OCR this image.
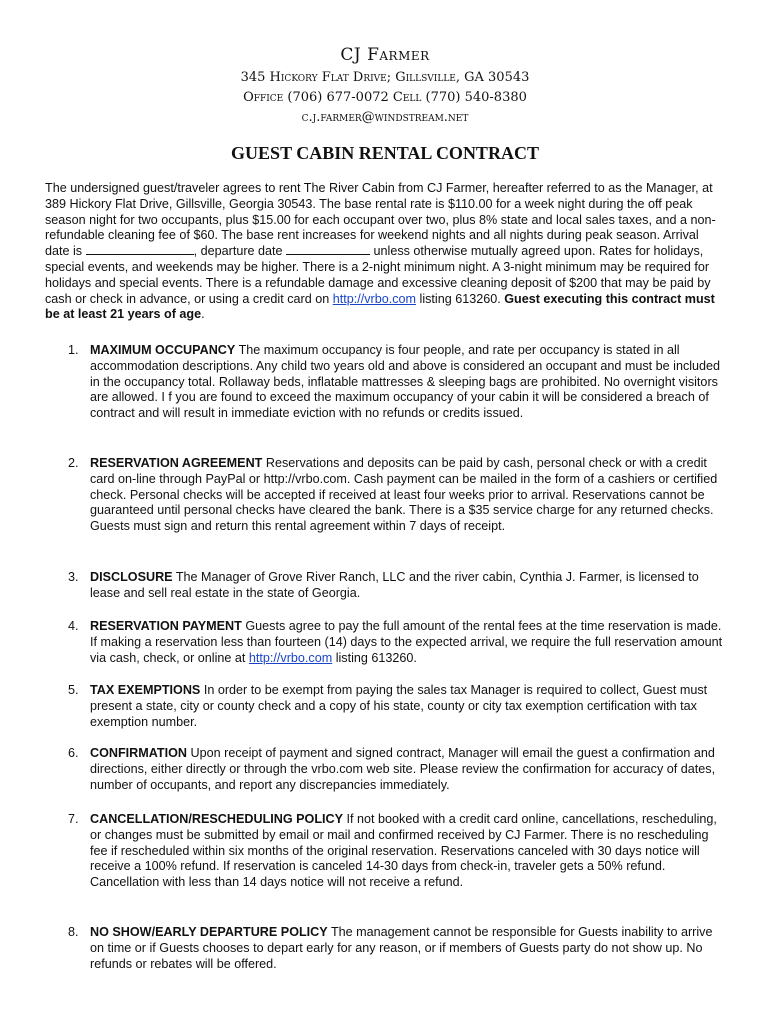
CJ Farmer
345 Hickory Flat Drive; Gillsville, GA 30543
Office (706) 677-0072 Cell (770) 540-8380
c.j.farmer@windstream.net
GUEST CABIN RENTAL CONTRACT
The undersigned guest/traveler agrees to rent The River Cabin from CJ Farmer, hereafter referred to as the Manager, at 389 Hickory Flat Drive, Gillsville, Georgia 30543. The base rental rate is $110.00 for a week night during the off peak season night for two occupants, plus $15.00 for each occupant over two, plus 8% state and local sales taxes, and a non-refundable cleaning fee of $60. The base rent increases for weekend nights and all nights during peak season. Arrival date is	, departure date	unless otherwise mutually agreed upon. Rates for holidays, special events, and weekends may be higher. There is a 2-night minimum night. A 3-night minimum may be required for holidays and special events. There is a refundable damage and excessive cleaning deposit of $200 that may be paid by cash or check in advance, or using a credit card on http://vrbo.com listing 613260. Guest executing this contract must be at least 21 years of age.
1. MAXIMUM OCCUPANCY The maximum occupancy is four people, and rate per occupancy is stated in all accommodation descriptions. Any child two years old and above is considered an occupant and must be included in the occupancy total. Rollaway beds, inflatable mattresses & sleeping bags are prohibited. No overnight visitors are allowed. I f you are found to exceed the maximum occupancy of your cabin it will be considered a breach of contract and will result in immediate eviction with no refunds or credits issued.
2. RESERVATION AGREEMENT Reservations and deposits can be paid by cash, personal check or with a credit card on-line through PayPal or http://vrbo.com. Cash payment can be mailed in the form of a cashiers or certified check. Personal checks will be accepted if received at least four weeks prior to arrival. Reservations cannot be guaranteed until personal checks have cleared the bank. There is a $35 service charge for any returned checks. Guests must sign and return this rental agreement within 7 days of receipt.
3. DISCLOSURE The Manager of Grove River Ranch, LLC and the river cabin, Cynthia J. Farmer, is licensed to lease and sell real estate in the state of Georgia.
4. RESERVATION PAYMENT Guests agree to pay the full amount of the rental fees at the time reservation is made. If making a reservation less than fourteen (14) days to the expected arrival, we require the full reservation amount via cash, check, or online at http://vrbo.com listing 613260.
5. TAX EXEMPTIONS In order to be exempt from paying the sales tax Manager is required to collect, Guest must present a state, city or county check and a copy of his state, county or city tax exemption certification with tax exemption number.
6. CONFIRMATION Upon receipt of payment and signed contract, Manager will email the guest a confirmation and directions, either directly or through the vrbo.com web site. Please review the confirmation for accuracy of dates, number of occupants, and report any discrepancies immediately.
7. CANCELLATION/RESCHEDULING POLICY If not booked with a credit card online, cancellations, rescheduling, or changes must be submitted by email or mail and confirmed received by CJ Farmer. There is no rescheduling fee if rescheduled within six months of the original reservation. Reservations canceled with 30 days notice will receive a 100% refund. If reservation is canceled 14-30 days from check-in, traveler gets a 50% refund. Cancellation with less than 14 days notice will not receive a refund.
8. NO SHOW/EARLY DEPARTURE POLICY The management cannot be responsible for Guests inability to arrive on time or if Guests chooses to depart early for any reason, or if members of Guests party do not show up. No refunds or rebates will be offered.
